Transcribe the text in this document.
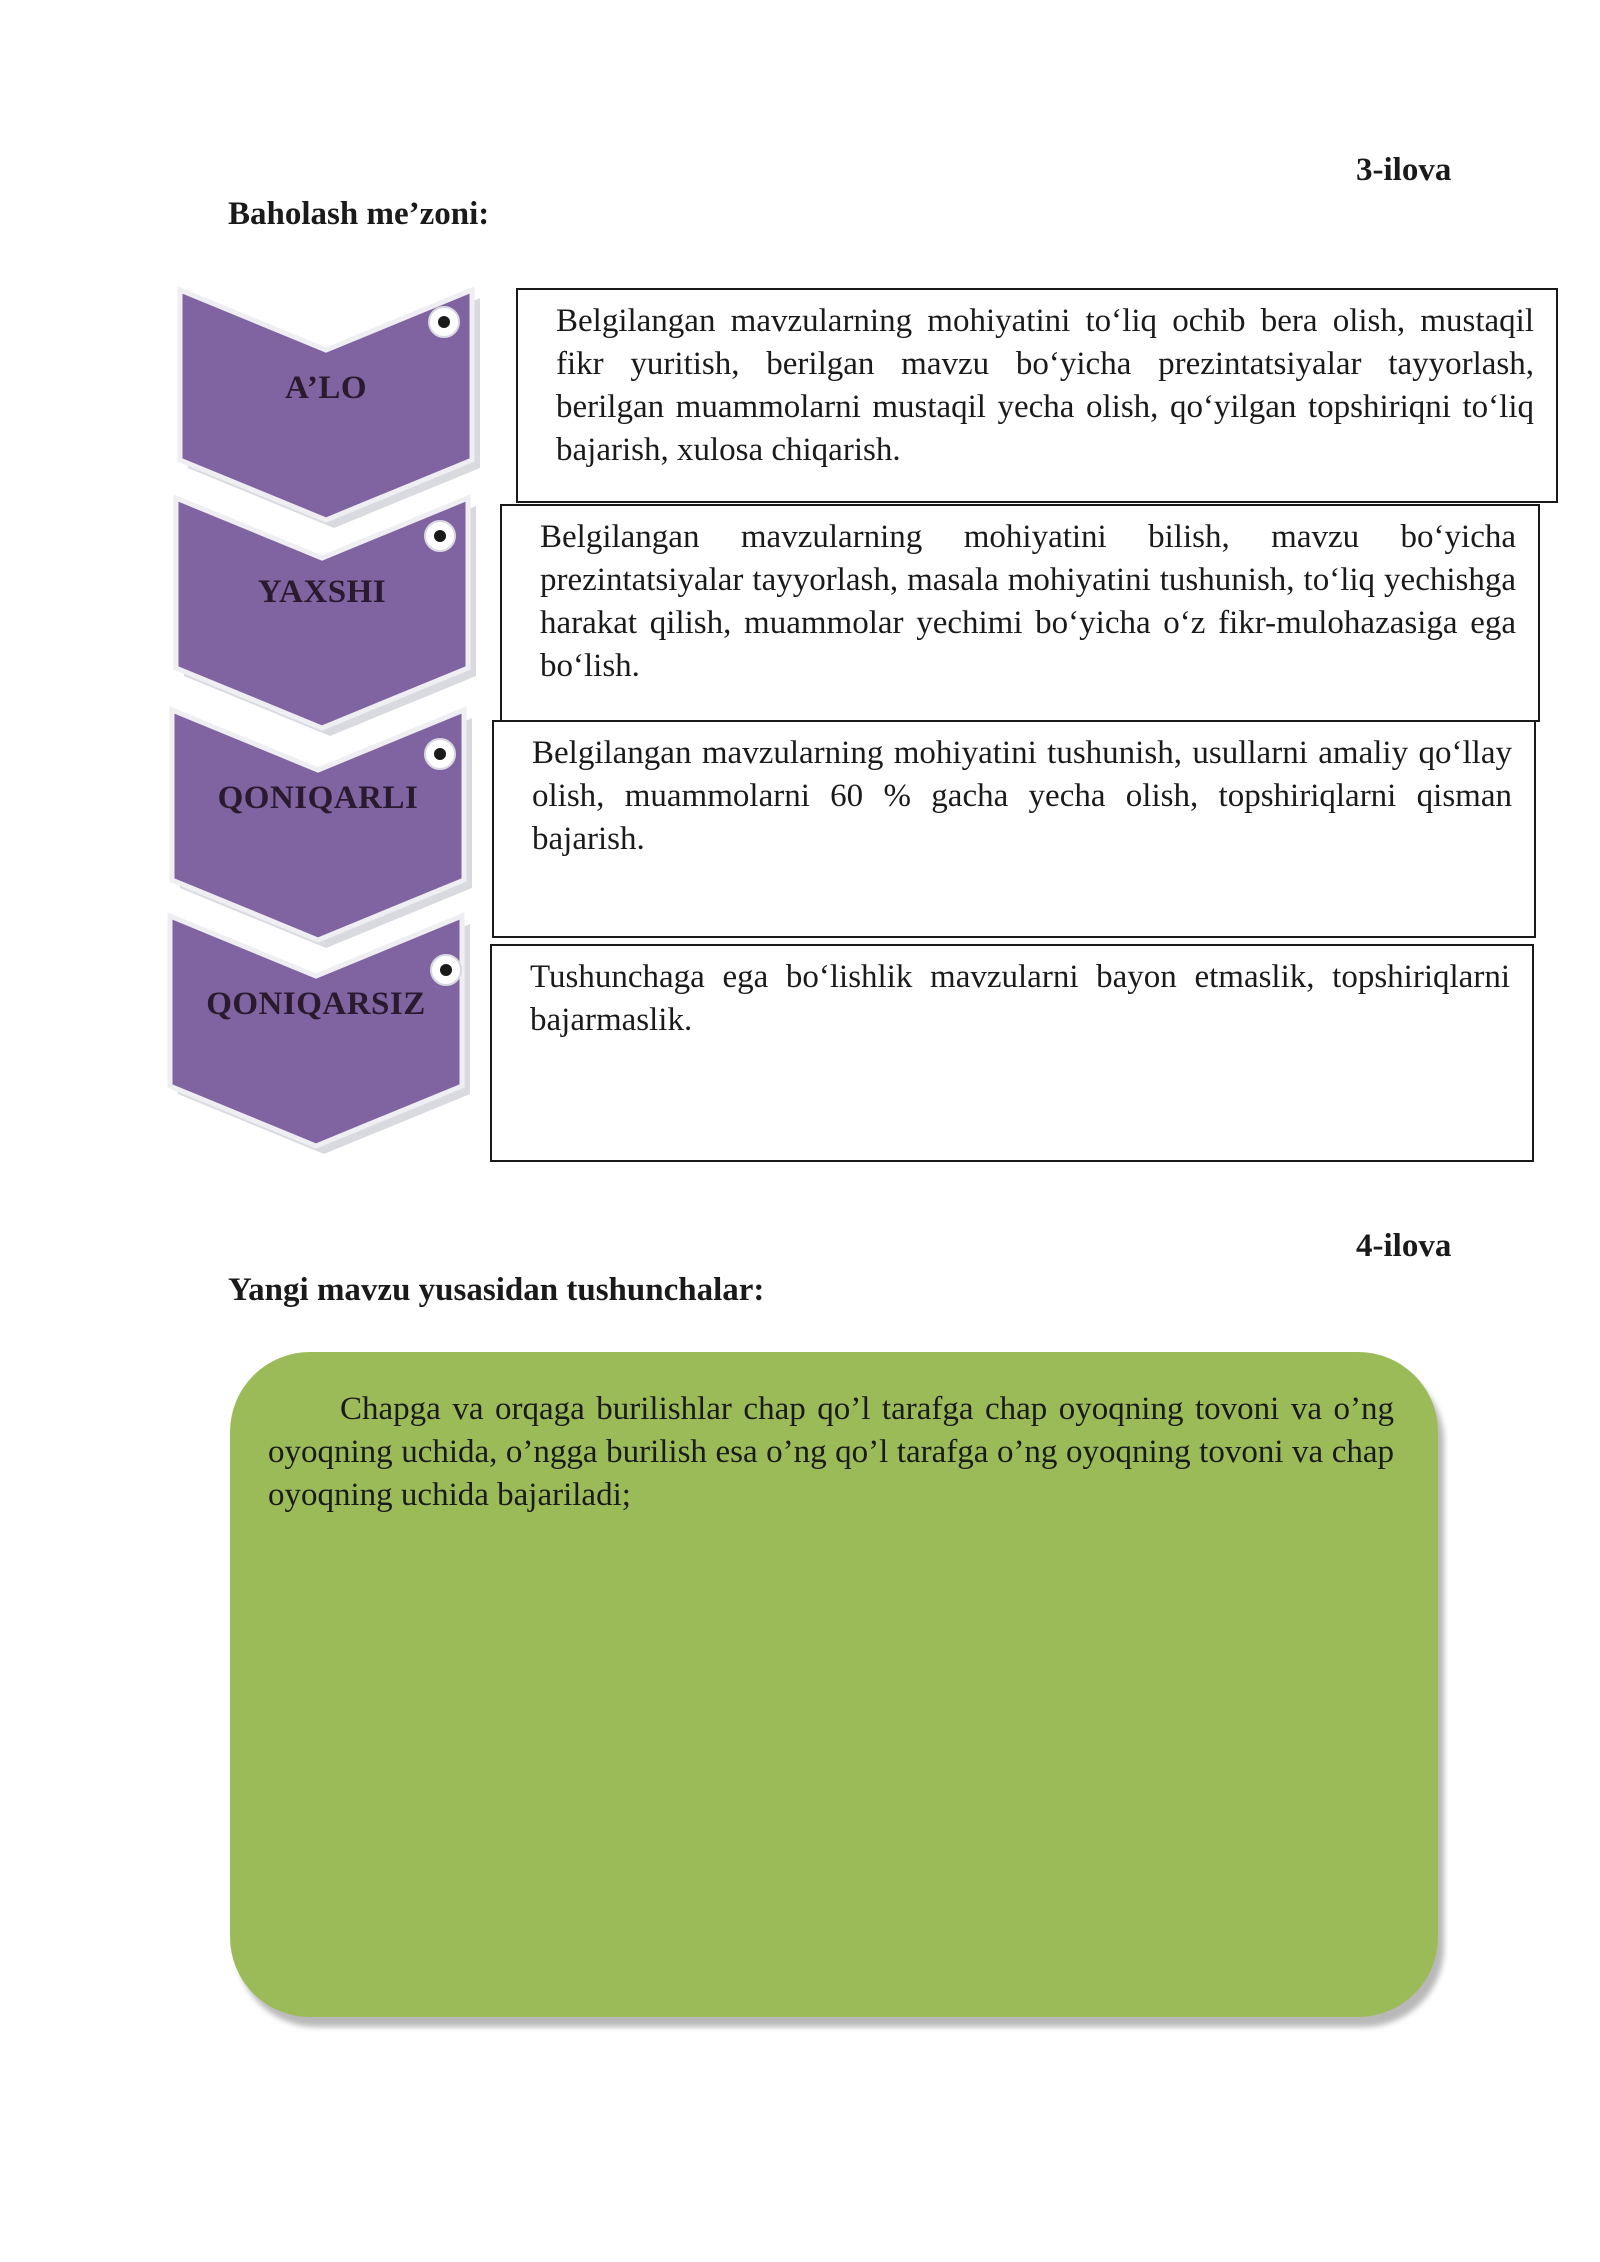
3-ilova
Baholash me’zoni:
A’LO
Belgilangan mavzularning mohiyatini to‘liq ochib bera olish, mustaqil fikr yuritish, berilgan mavzu bo‘yicha prezintatsiyalar tayyorlash, berilgan muammolarni mustaqil yecha olish, qo‘yilgan topshiriqni to‘liq bajarish, xulosa chiqarish.
YAXSHI
Belgilangan mavzularning mohiyatini bilish, mavzu bo‘yicha prezintatsiyalar tayyorlash, masala mohiyatini tushunish, to‘liq yechishga harakat qilish, muammolar yechimi bo‘yicha o‘z fikr-mulohazasiga ega bo‘lish.
QONIQARLI
Belgilangan mavzularning mohiyatini tushunish, usullarni amaliy qo‘llay olish, muammolarni 60 % gacha yecha olish, topshiriqlarni qisman bajarish.
QONIQARSIZ
Tushunchaga ega bo‘lishlik mavzularni bayon etmaslik, topshiriqlarni bajarmaslik.
4-ilova
Yangi mavzu yusasidan tushunchalar:
Chapga va orqaga burilishlar chap qo’l tarafga chap oyoqning tovoni va o’ng oyoqning uchida, o’ngga burilish esa o’ng qo’l tarafga o’ng oyoqning tovoni va chap oyoqning uchida bajariladi;
